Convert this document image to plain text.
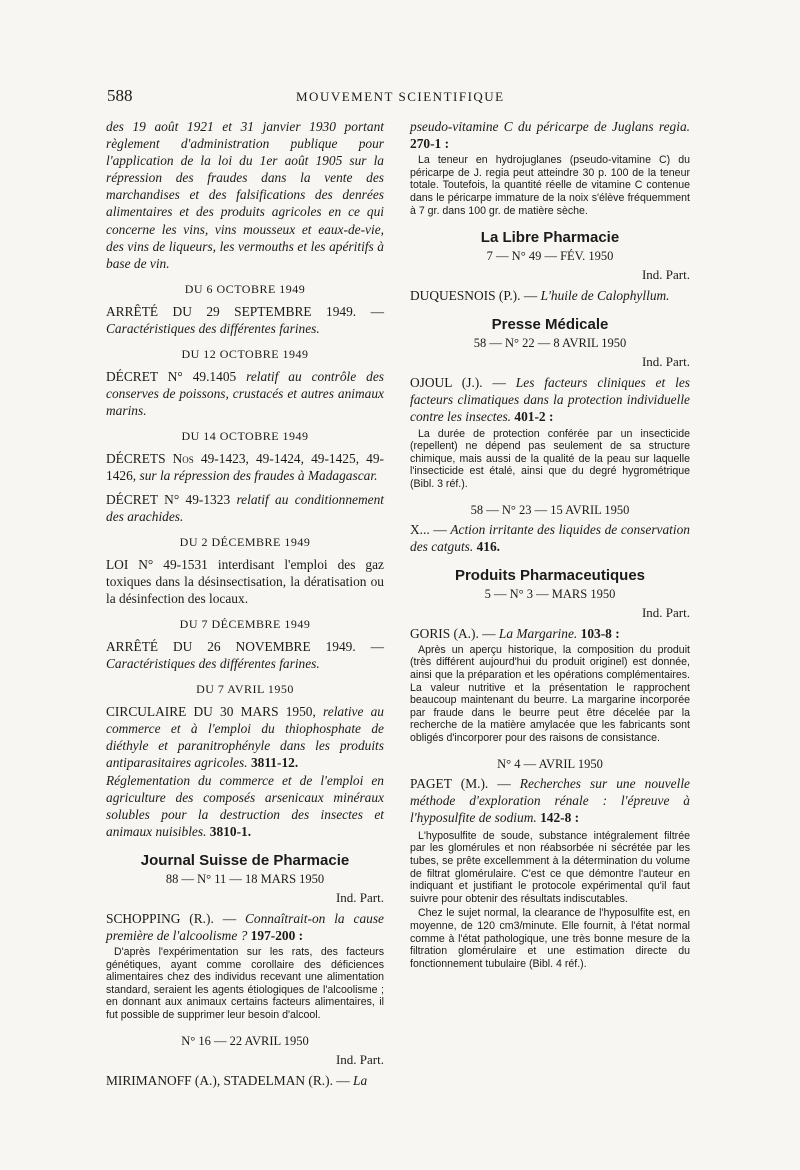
588	MOUVEMENT SCIENTIFIQUE

des 19 août 1921 et 31 janvier 1930 portant règlement d'administration publique pour l'application de la loi du 1er août 1905 sur la répression des fraudes dans la vente des marchandises et des falsifications des denrées alimentaires et des produits agricoles en ce qui concerne les vins, vins mousseux et eaux-de-vie, des vins de liqueurs, les vermouths et les apéritifs à base de vin.

DU 6 OCTOBRE 1949

ARRÊTÉ DU 29 SEPTEMBRE 1949. — Caractéristiques des différentes farines.

DU 12 OCTOBRE 1949

DÉCRET N° 49.1405 relatif au contrôle des conserves de poissons, crustacés et autres animaux marins.

DU 14 OCTOBRE 1949

DÉCRETS Nos 49-1423, 49-1424, 49-1425, 49-1426, sur la répression des fraudes à Madagascar.

DÉCRET N° 49-1323 relatif au conditionnement des arachides.

DU 2 DÉCEMBRE 1949

LOI N° 49-1531 interdisant l'emploi des gaz toxiques dans la désinsectisation, la dératisation ou la désinfection des locaux.

DU 7 DÉCEMBRE 1949

ARRÊTÉ DU 26 NOVEMBRE 1949. — Caractéristiques des différentes farines.

DU 7 AVRIL 1950

CIRCULAIRE DU 30 MARS 1950, relative au commerce et à l'emploi du thiophosphate de diéthyle et paranitrophényle dans les produits antiparasitaires agricoles. 3811-12.

Réglementation du commerce et de l'emploi en agriculture des composés arsenicaux minéraux solubles pour la destruction des insectes et animaux nuisibles. 3810-1.

Journal Suisse de Pharmacie
88 — N° 11 — 18 MARS 1950
Ind. Part.

SCHOPPING (R.). — Connaîtrait-on la cause première de l'alcoolisme ? 197-200 :

D'après l'expérimentation sur les rats, des facteurs génétiques, ayant comme corollaire des déficiences alimentaires chez des individus recevant une alimentation standard, seraient les agents étiologiques de l'alcoolisme ; en donnant aux animaux certains facteurs alimentaires, il fut possible de supprimer leur besoin d'alcool.

N° 16 — 22 AVRIL 1950
Ind. Part.

MIRIMANOFF (A.), STADELMAN (R.). — La

pseudo-vitamine C du péricarpe de Juglans regia. 270-1 :

La teneur en hydrojuglanes (pseudo-vitamine C) du péricarpe de J. regia peut atteindre 30 p. 100 de la teneur totale. Toutefois, la quantité réelle de vitamine C contenue dans le péricarpe immature de la noix s'élève fréquemment à 7 gr. dans 100 gr. de matière sèche.

La Libre Pharmacie
7 — N° 49 — FÉV. 1950
Ind. Part.

DUQUESNOIS (P.). — L'huile de Calophyllum.

Presse Médicale
58 — N° 22 — 8 AVRIL 1950
Ind. Part.

OJOUL (J.). — Les facteurs cliniques et les facteurs climatiques dans la protection individuelle contre les insectes. 401-2 :

La durée de protection conférée par un insecticide (repellent) ne dépend pas seulement de sa structure chimique, mais aussi de la qualité de la peau sur laquelle l'insecticide est étalé, ainsi que du degré hygrométrique (Bibl. 3 réf.).

58 — N° 23 — 15 AVRIL 1950

X... — Action irritante des liquides de conservation des catguts. 416.

Produits Pharmaceutiques
5 — N° 3 — MARS 1950
Ind. Part.

GORIS (A.). — La Margarine. 103-8 :

Après un aperçu historique, la composition du produit (très différent aujourd'hui du produit originel) est donnée, ainsi que la préparation et les opérations complémentaires. La valeur nutritive et la présentation le rapprochent beaucoup maintenant du beurre. La margarine incorporée par fraude dans le beurre peut être décelée par la recherche de la matière amylacée que les fabricants sont obligés d'incorporer pour des raisons de consistance.

N° 4 — AVRIL 1950

PAGET (M.). — Recherches sur une nouvelle méthode d'exploration rénale : l'épreuve à l'hyposulfite de sodium. 142-8 :

L'hyposulfite de soude, substance intégralement filtrée par les glomérules et non réabsorbée ni sécrétée par les tubes, se prête excellemment à la détermination du volume de filtrat glomérulaire. C'est ce que démontre l'auteur en indiquant et justifiant le protocole expérimental qu'il faut suivre pour obtenir des résultats indiscutables.

Chez le sujet normal, la clearance de l'hyposulfite est, en moyenne, de 120 cm3/minute. Elle fournit, à l'état normal comme à l'état pathologique, une très bonne mesure de la filtration glomérulaire et une estimation directe du fonctionnement tubulaire (Bibl. 4 réf.).
